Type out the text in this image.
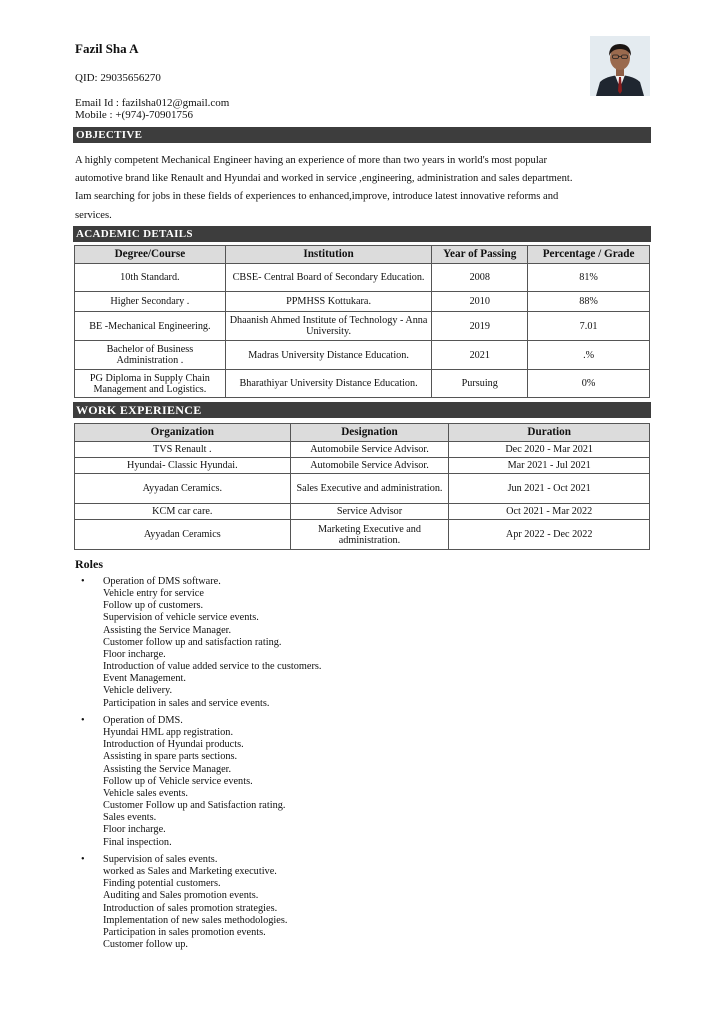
Fazil Sha A
QID: 29035656270
Email Id : fazilsha012@gmail.com
Mobile : +(974)-70901756
OBJECTIVE
A highly competent Mechanical Engineer having an experience of more than two years in world's most popular
automotive brand like Renault and Hyundai and worked in service ,engineering, administration and sales department.
Iam searching for jobs in these fields of experiences to enhanced,improve, introduce latest innovative reforms and
services.
ACADEMIC DETAILS
Degree/Course	Institution	Year of Passing	Percentage / Grade
10th Standard.	CBSE- Central Board of Secondary Education.	2008	81%
Higher Secondary .	PPMHSS Kottukara.	2010	88%
BE -Mechanical Engineering.	Dhaanish Ahmed Institute of Technology - Anna University.	2019	7.01
Bachelor of Business Administration .	Madras University Distance Education.	2021	.%
PG Diploma in Supply Chain Management and Logistics.	Bharathiyar University Distance Education.	Pursuing	0%
WORK EXPERIENCE
Organization	Designation	Duration
TVS Renault .	Automobile Service Advisor.	Dec 2020 - Mar 2021
Hyundai- Classic Hyundai.	Automobile Service Advisor.	Mar 2021 - Jul 2021
Ayyadan Ceramics.	Sales Executive and administration.	Jun 2021 - Oct 2021
KCM car care.	Service Advisor	Oct 2021 - Mar 2022
Ayyadan Ceramics	Marketing Executive and administration.	Apr 2022 - Dec 2022
Roles
• Operation of DMS software.
Vehicle entry for service
Follow up of customers.
Supervision of vehicle service events.
Assisting the Service Manager.
Customer follow up and satisfaction rating.
Floor incharge.
Introduction of value added service to the customers.
Event Management.
Vehicle delivery.
Participation in sales and service events.
• Operation of DMS.
Hyundai HML app registration.
Introduction of Hyundai products.
Assisting in spare parts sections.
Assisting the Service Manager.
Follow up of Vehicle service events.
Vehicle sales events.
Customer Follow up and Satisfaction rating.
Sales events.
Floor incharge.
Final inspection.
• Supervision of sales events.
worked as Sales and Marketing executive.
Finding potential customers.
Auditing and Sales promotion events.
Introduction of sales promotion strategies.
Implementation of new sales methodologies.
Participation in sales promotion events.
Customer follow up.
